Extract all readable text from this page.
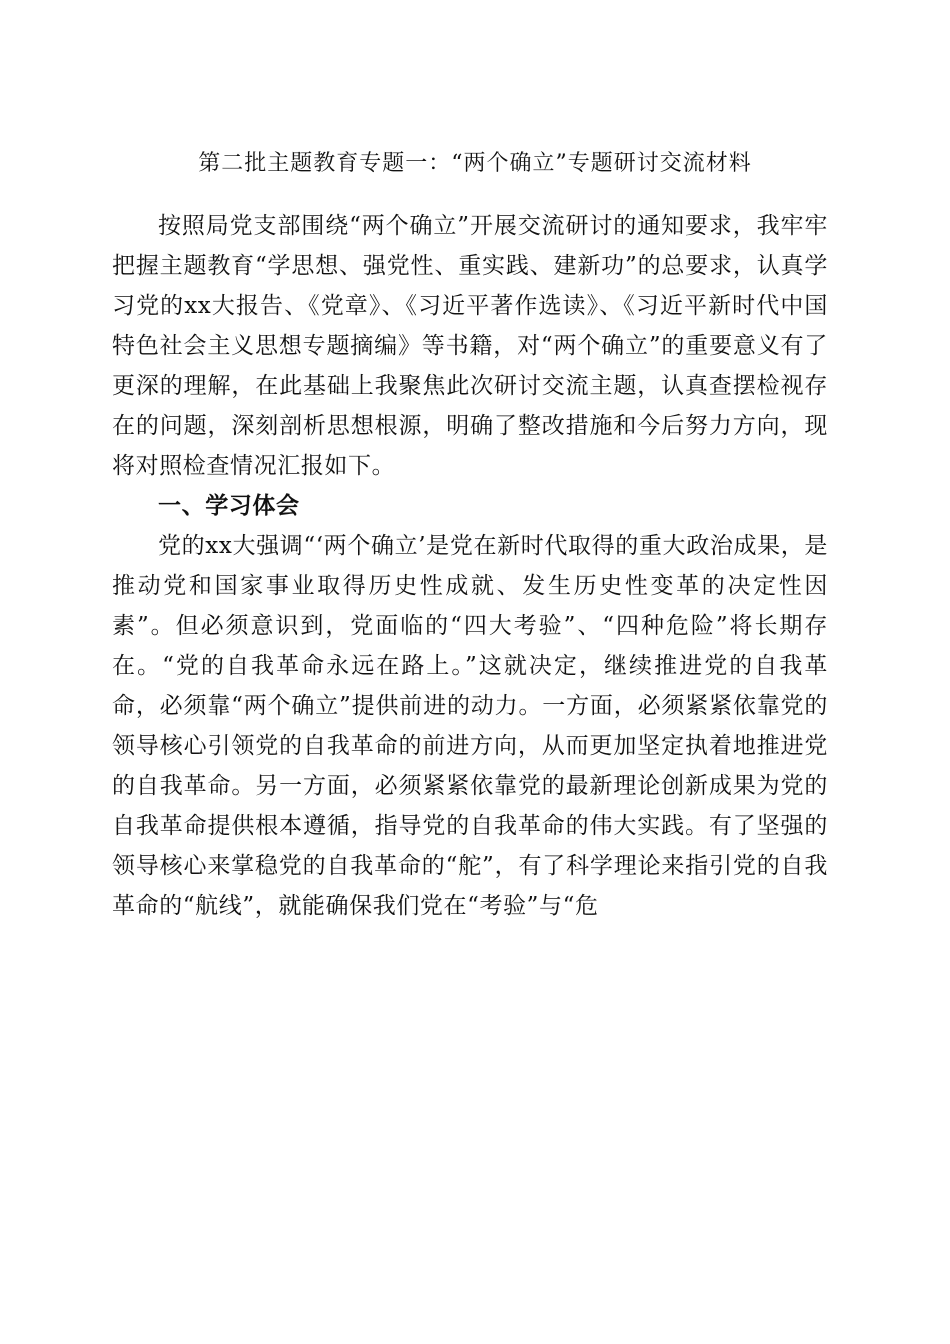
第二批主题教育专题一：“两个确立”专题研讨交流材料

按照局党支部围绕“两个确立”开展交流研讨的通知要求，我牢牢把握主题教育“学思想、强党性、重实践、建新功”的总要求，认真学习党的xx大报告、《党章》、《习近平著作选读》、《习近平新时代中国特色社会主义思想专题摘编》等书籍，对“两个确立”的重要意义有了更深的理解，在此基础上我聚焦此次研讨交流主题，认真查摆检视存在的问题，深刻剖析思想根源，明确了整改措施和今后努力方向，现将对照检查情况汇报如下。

一、学习体会

党的xx大强调“‘两个确立’是党在新时代取得的重大政治成果，是推动党和国家事业取得历史性成就、发生历史性变革的决定性因素”。但必须意识到，党面临的“四大考验”、“四种危险”将长期存在。“党的自我革命永远在路上。”这就决定，继续推进党的自我革命，必须靠“两个确立”提供前进的动力。一方面，必须紧紧依靠党的领导核心引领党的自我革命的前进方向，从而更加坚定执着地推进党的自我革命。另一方面，必须紧紧依靠党的最新理论创新成果为党的自我革命提供根本遵循，指导党的自我革命的伟大实践。有了坚强的领导核心来掌稳党的自我革命的“舵”，有了科学理论来指引党的自我革命的“航线”，就能确保我们党在“考验”与“危
